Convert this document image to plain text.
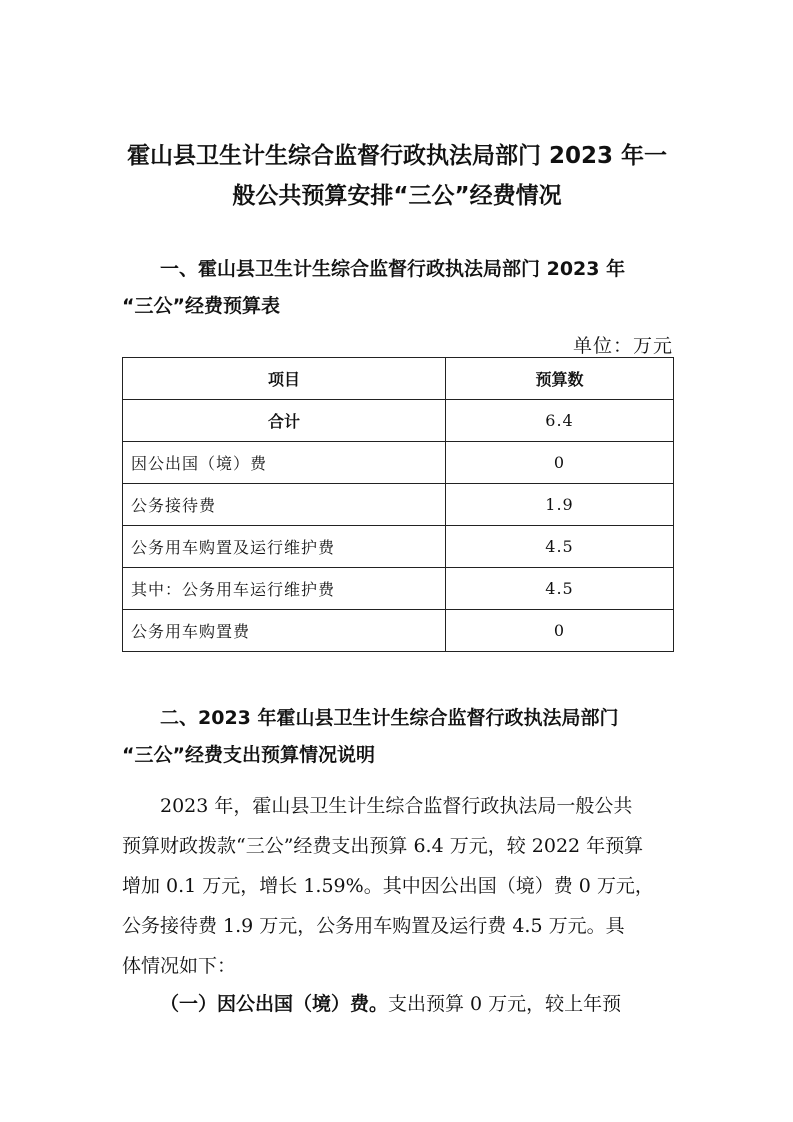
霍山县卫生计生综合监督行政执法局部门 2023 年一
般公共预算安排“三公”经费情况
一、霍山县卫生计生综合监督行政执法局部门 2023 年
“三公”经费预算表
单位：万元
项目	预算数
合计	6.4
因公出国（境）费	0
公务接待费	1.9
公务用车购置及运行维护费	4.5
其中：公务用车运行维护费	4.5
公务用车购置费	0
二、2023 年霍山县卫生计生综合监督行政执法局部门
“三公”经费支出预算情况说明
2023 年，霍山县卫生计生综合监督行政执法局一般公共
预算财政拨款“三公”经费支出预算 6.4 万元，较 2022 年预算
增加 0.1 万元，增长 1.59%。其中因公出国（境）费 0 万元，
公务接待费 1.9 万元，公务用车购置及运行费 4.5 万元。具
体情况如下：
（一）因公出国（境）费。支出预算 0 万元，较上年预
